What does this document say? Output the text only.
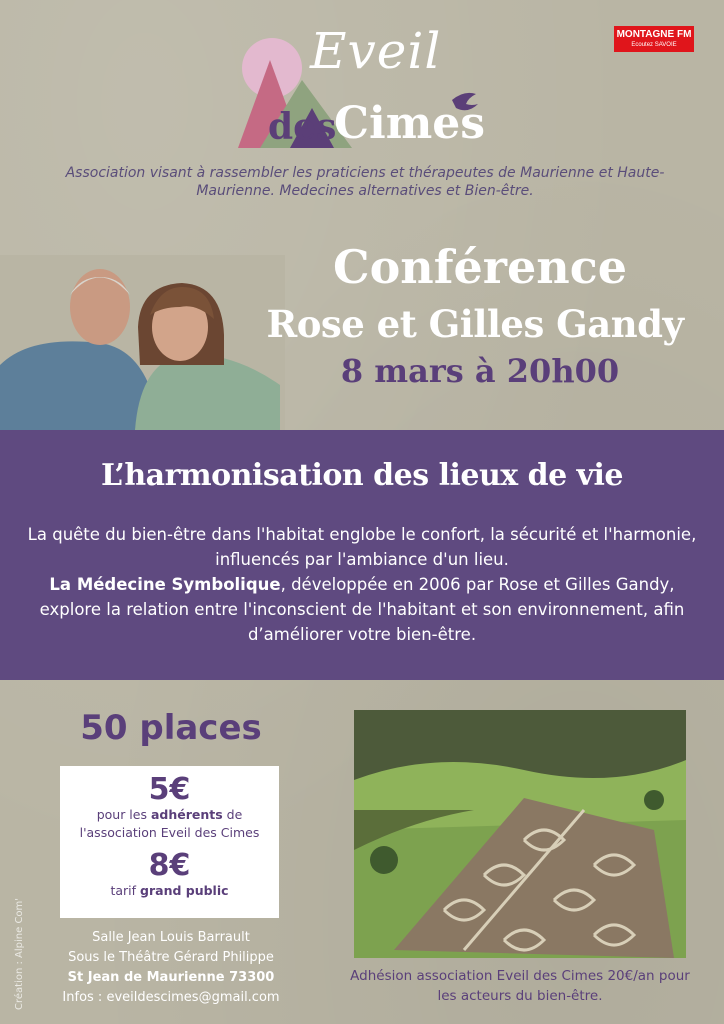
Eveil
des
Cimes
MONTAGNE FM
Ecoutez SAVOIE
Association visant à rassembler les praticiens et thérapeutes de Maurienne et Haute-Maurienne. Medecines alternatives et Bien-être.
Conférence
Rose et Gilles Gandy
8 mars à 20h00
L’harmonisation des lieux de vie
La quête du bien-être dans l'habitat englobe le confort, la sécurité et l'harmonie, influencés par l'ambiance d'un lieu.
La Médecine Symbolique, développée en 2006 par Rose et Gilles Gandy, explore la relation entre l'inconscient de l'habitant et son environnement, afin d’améliorer votre bien-être.
50 places
5€
pour les adhérents de l'association Eveil des Cimes
8€
tarif grand public
Salle Jean Louis Barrault
Sous le Théâtre Gérard Philippe
St Jean de Maurienne 73300
Infos : eveildescimes@gmail.com
Création : Alpine Com'	Adhésion association Eveil des Cimes 20€/an pour les acteurs du bien-être.
